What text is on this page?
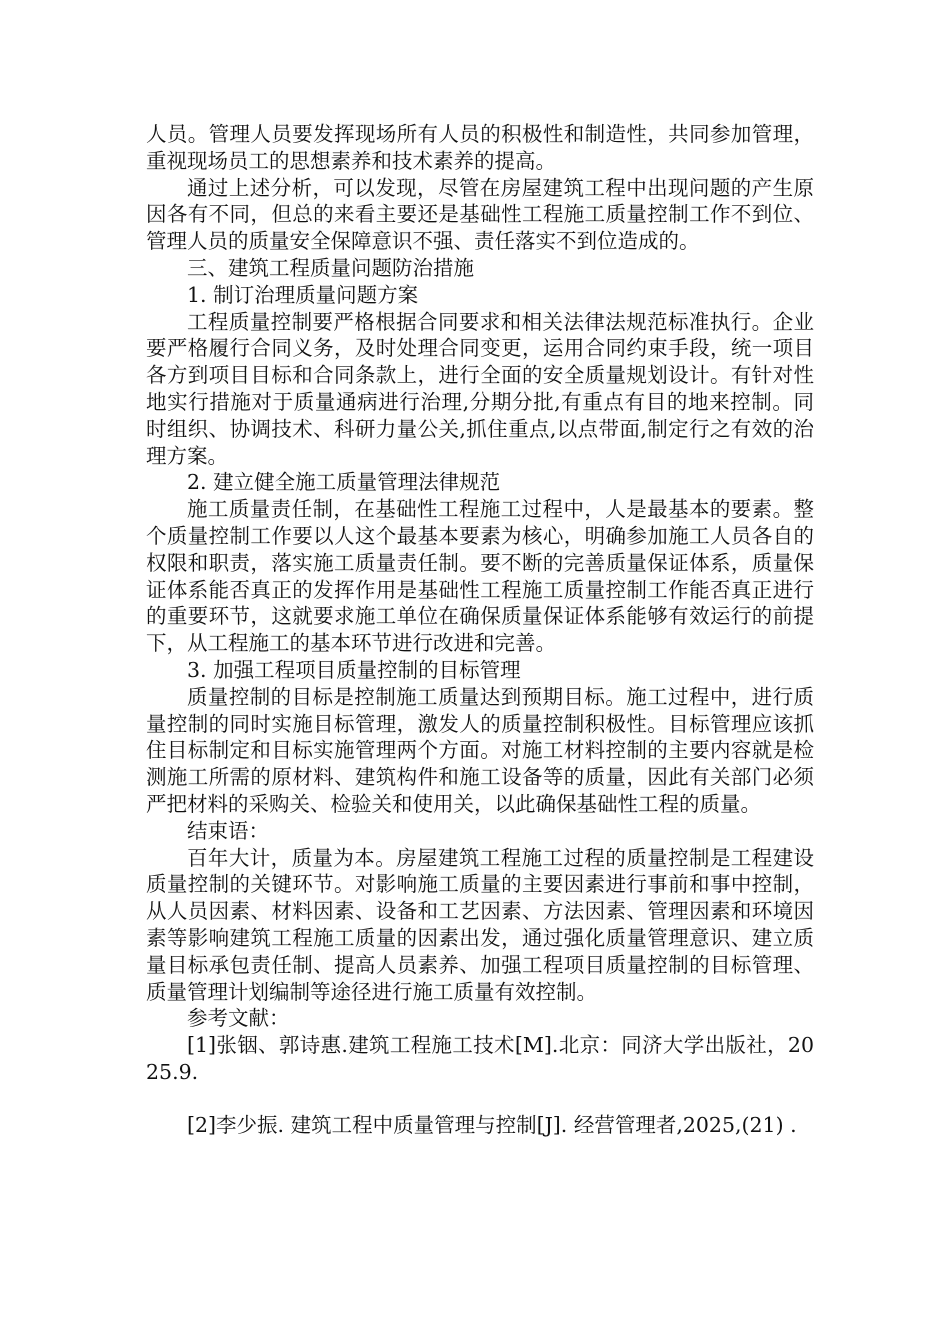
人员。管理人员要发挥现场所有人员的积极性和制造性，共同参加管理，重视现场员工的思想素养和技术素养的提高。

通过上述分析，可以发现，尽管在房屋建筑工程中出现问题的产生原因各有不同，但总的来看主要还是基础性工程施工质量控制工作不到位、管理人员的质量安全保障意识不强、责任落实不到位造成的。

三、建筑工程质量问题防治措施

1. 制订治理质量问题方案

工程质量控制要严格根据合同要求和相关法律法规范标准执行。企业要严格履行合同义务，及时处理合同变更，运用合同约束手段，统一项目各方到项目目标和合同条款上，进行全面的安全质量规划设计。有针对性地实行措施对于质量通病进行治理,分期分批,有重点有目的地来控制。同时组织、协调技术、科研力量公关,抓住重点,以点带面,制定行之有效的治理方案。

2. 建立健全施工质量管理法律规范

施工质量责任制，在基础性工程施工过程中，人是最基本的要素。整个质量控制工作要以人这个最基本要素为核心，明确参加施工人员各自的权限和职责，落实施工质量责任制。要不断的完善质量保证体系，质量保证体系能否真正的发挥作用是基础性工程施工质量控制工作能否真正进行的重要环节，这就要求施工单位在确保质量保证体系能够有效运行的前提下，从工程施工的基本环节进行改进和完善。

3. 加强工程项目质量控制的目标管理

质量控制的目标是控制施工质量达到预期目标。施工过程中，进行质量控制的同时实施目标管理，激发人的质量控制积极性。目标管理应该抓住目标制定和目标实施管理两个方面。对施工材料控制的主要内容就是检测施工所需的原材料、建筑构件和施工设备等的质量，因此有关部门必须严把材料的采购关、检验关和使用关，以此确保基础性工程的质量。

结束语：

百年大计，质量为本。房屋建筑工程施工过程的质量控制是工程建设质量控制的关键环节。对影响施工质量的主要因素进行事前和事中控制，从人员因素、材料因素、设备和工艺因素、方法因素、管理因素和环境因素等影响建筑工程施工质量的因素出发，通过强化质量管理意识、建立质量目标承包责任制、提高人员素养、加强工程项目质量控制的目标管理、质量管理计划编制等途径进行施工质量有效控制。

参考文献：

[1]张铟、郭诗惠.建筑工程施工技术[M].北京：同济大学出版社，2025.9.

[2]李少振. 建筑工程中质量管理与控制[J]. 经营管理者,2025,(21) .
